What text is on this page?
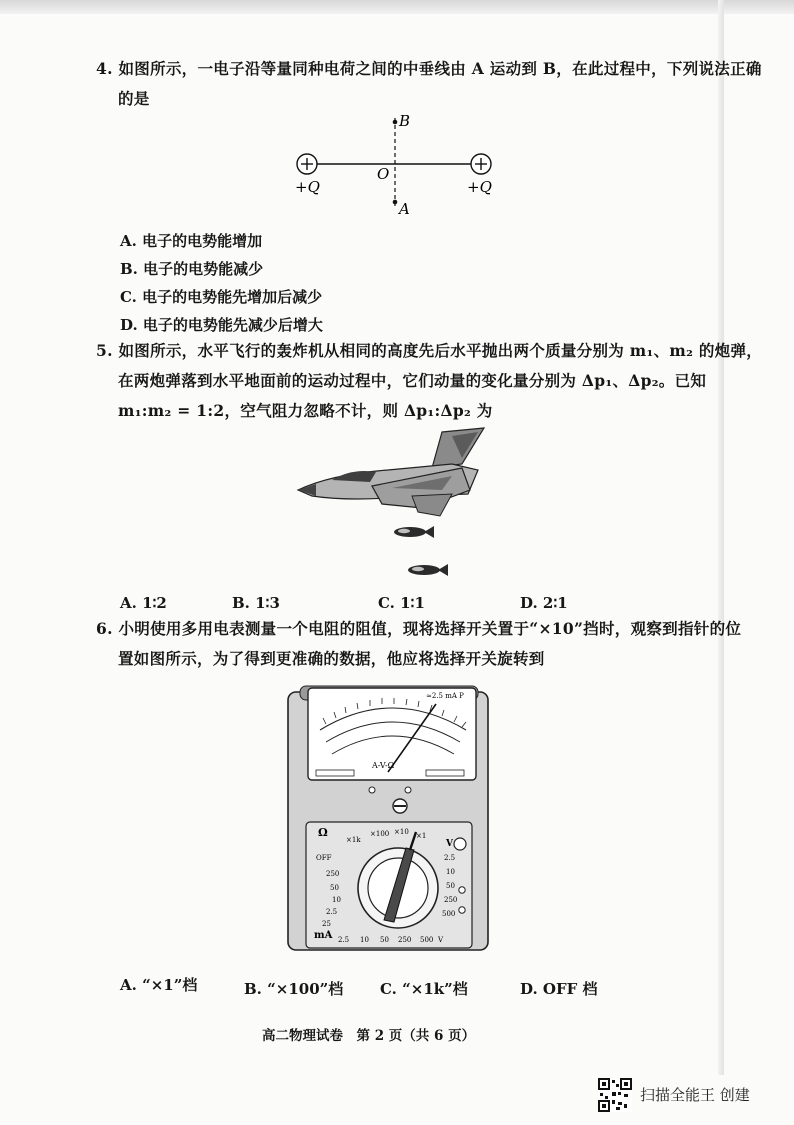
4. 如图所示，一电子沿等量同种电荷之间的中垂线由 A 运动到 B，在此过程中，下列说法正确
的是
B
O
A
+Q	+Q
A. 电子的电势能增加
B. 电子的电势能减少
C. 电子的电势能先增加后减少
D. 电子的电势能先减少后增大
5. 如图所示，水平飞行的轰炸机从相同的高度先后水平抛出两个质量分别为 m₁、m₂ 的炮弹，
在两炮弹落到水平地面前的运动过程中，它们动量的变化量分别为 Δp₁、Δp₂。已知
m₁:m₂ = 1:2，空气阻力忽略不计，则 Δp₁:Δp₂ 为
A. 1∶2	B. 1∶3	C. 1∶1	D. 2∶1
6. 小明使用多用电表测量一个电阻的阻值，现将选择开关置于“×10”挡时，观察到指针的位
置如图所示，为了得到更准确的数据，他应将选择开关旋转到
A-V-Ω
≈2.5 mA P
Ω
×1k
×100 ×10 ×1
OFF
250
50
10
2.5
25
mA
2.5
10
50
250
500
V
2.5 10 50 250 500 V
A. “×1”档	B. “×100”档 C. “×1k”档	D. OFF 档
高二物理试卷　第 2 页（共 6 页）
扫描全能王 创建
